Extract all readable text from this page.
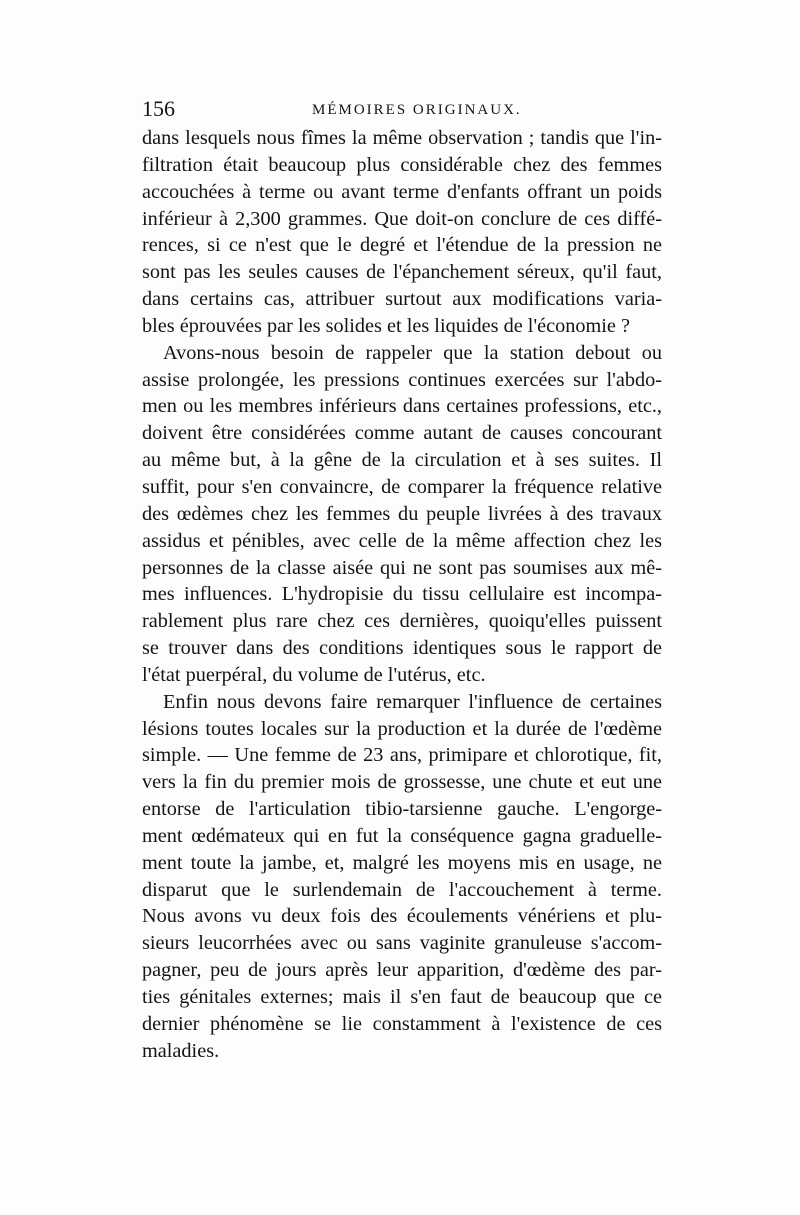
156	MÉMOIRES ORIGINAUX.
dans lesquels nous fîmes la même observation ; tandis que l'in-
filtration était beaucoup plus considérable chez des femmes
accouchées à terme ou avant terme d'enfants offrant un poids
inférieur à 2,300 grammes. Que doit-on conclure de ces diffé-
rences, si ce n'est que le degré et l'étendue de la pression ne
sont pas les seules causes de l'épanchement séreux, qu'il faut,
dans certains cas, attribuer surtout aux modifications varia-
bles éprouvées par les solides et les liquides de l'économie ?
Avons-nous besoin de rappeler que la station debout ou
assise prolongée, les pressions continues exercées sur l'abdo-
men ou les membres inférieurs dans certaines professions, etc.,
doivent être considérées comme autant de causes concourant
au même but, à la gêne de la circulation et à ses suites. Il
suffit, pour s'en convaincre, de comparer la fréquence relative
des œdèmes chez les femmes du peuple livrées à des travaux
assidus et pénibles, avec celle de la même affection chez les
personnes de la classe aisée qui ne sont pas soumises aux mê-
mes influences. L'hydropisie du tissu cellulaire est incompa-
rablement plus rare chez ces dernières, quoiqu'elles puissent
se trouver dans des conditions identiques sous le rapport de
l'état puerpéral, du volume de l'utérus, etc.
Enfin nous devons faire remarquer l'influence de certaines
lésions toutes locales sur la production et la durée de l'œdème
simple. — Une femme de 23 ans, primipare et chlorotique, fit,
vers la fin du premier mois de grossesse, une chute et eut une
entorse de l'articulation tibio-tarsienne gauche. L'engorge-
ment œdémateux qui en fut la conséquence gagna graduelle-
ment toute la jambe, et, malgré les moyens mis en usage, ne
disparut que le surlendemain de l'accouchement à terme.
Nous avons vu deux fois des écoulements vénériens et plu-
sieurs leucorrhées avec ou sans vaginite granuleuse s'accom-
pagner, peu de jours après leur apparition, d'œdème des par-
ties génitales externes; mais il s'en faut de beaucoup que ce
dernier phénomène se lie constamment à l'existence de ces
maladies.
